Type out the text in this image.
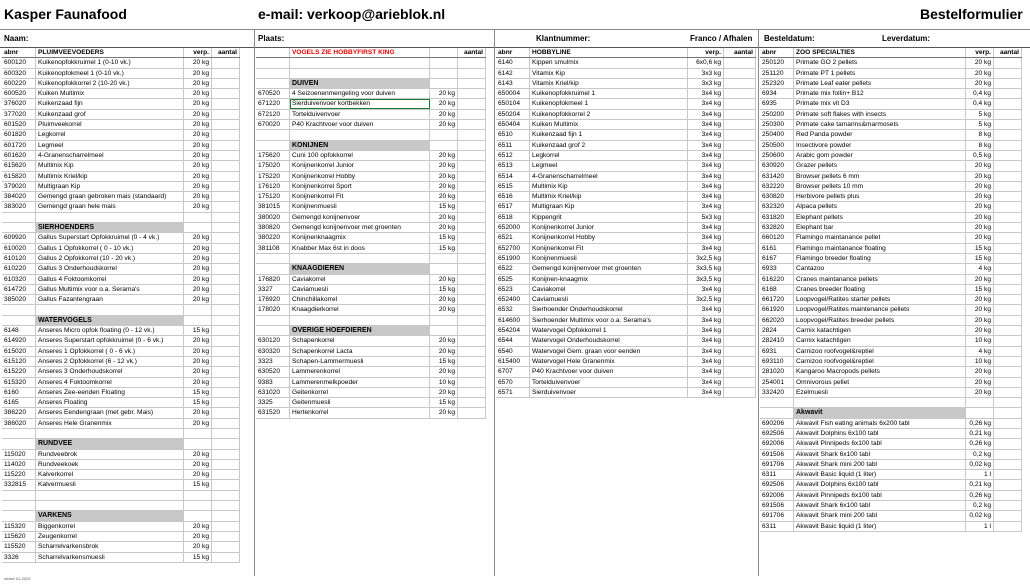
Kasper Faunafood	e-mail: verkoop@arieblok.nl	Bestelformulier
Naam:	Plaats:	Klantnummer:	Franco / Afhalen Besteldatum:	Leverdatum:
abnr	PLUIMVEEVOEDERS	verp.	aantal
600120	Kuikenopfokkruimel 1 (0-10 vk.)	20 kg
600320	Kuikenopfokmeel 1 (0-10 vk.)	20 kg
600220	Kuikenopfokkorrel 2 (10-20 vk.)	20 kg
600520	Kuiken Multimix	20 kg
376020	Kuikenzaad fijn	20 kg
377020	Kuikenzaad grof	20 kg
601520	Pluimveekorrel	20 kg
601820	Legkorrel	20 kg
601720	Legmeel	20 kg
601620	4-Granenscharrelmeel	20 kg
615620	Multimix Kip	20 kg
615820	Multimix Kriel/kip	20 kg
379020	Multigraan Kip	20 kg
384020	Gemengd graan gebroken mais (standaard)	20 kg
383020	Gemengd graan hele mais	20 kg
SIERHOENDERS
609920	Gallus Superstart Opfokkruimel (0 - 4 vk.)	20 kg
610020	Gallus 1 Opfokkorrel ( 0 - 10 vk.)	20 kg
610120	Gallus 2 Opfokkorrel (10 - 20 vk.)	20 kg
610220	Gallus 3 Onderhoudskorrel	20 kg
610320	Gallus 4 Foktoomkorrel	20 kg
614720	Gallus Multimix voor o.a. Serama's	20 kg
385020	Gallus Fazantengraan	20 kg
WATERVOGELS
6148	Anseres Micro opfok floating (0 - 12 vk.)	15 kg
614920	Anseres Superstart opfokkruimel (0 - 6 vk.)	20 kg
615020	Anseres 1 Opfokkorrel ( 0 - 6 vk.)	20 kg
615120	Anseres 2 Opfokkorrel (6 - 12 vk.)	20 kg
615220	Anseres 3 Onderhoudskorrel	20 kg
615320	Anseres 4 Foktoomkorrel	20 kg
6160	Anseres Zee-eenden Floating	15 kg
6165	Anseres Floating	15 kg
386220	Anseres Eendengraan (met gebr. Mais)	20 kg
386020	Anseres Hele Granenmix	20 kg
RUNDVEE
115020	Rundveebrok	20 kg
114020	Rundveekoek	20 kg
115220	Kalverkorrel	20 kg
332815	Kalvermuesli	15 kg
VARKENS
115320	Biggenkorrel	20 kg
115620	Zeugenkorrel	20 kg
115520	Scharrelvarkensbrok	20 kg
3326	Scharrelvarkensmuesli	15 kg
VOGELS ZIE HOBBYFIRST KING	aantal
DUIVEN
670520	4 Seizoenenmengeling voor duiven	20 kg
671220	Sierduivenvoer kortbekken	20 kg
672120	Tortelduivenvoer	20 kg
670020	P40 Krachtvoer voor duiven	20 kg
KONIJNEN
175620	Cuni 100 opfokkorrel	20 kg
175020	Konijnenkorrel Junior	20 kg
175220	Konijnenkorrel Hobby	20 kg
176120	Konijnenkorrel Sport	20 kg
175120	Konijnenkorrel Fit	20 kg
381015	Konijnenmuesli	15 kg
380020	Gemengd konijnenvoer	20 kg
380820	Gemengd konijnenvoer met groenten	20 kg
380220	Konijnenknaagmix	15 kg
381108	Knabber Max 6st in doos	15 kg
KNAAGDIEREN
176820	Caviakorrel	20 kg
3327	Caviamuesli	15 kg
176920	Chinchillakorrel	20 kg
178020	Knaagdierkorrel	20 kg
OVERIGE HOEFDIEREN
630120	Schapenkorrel	20 kg
630320	Schapenkorrel Lacta	20 kg
3323	Schapen-Lammermuesli	15 kg
630520	Lammerenkorrel	20 kg
9383	Lammerenmelkpoeder	10 kg
631020	Geitenkorrel	20 kg
3325	Geitenmuesli	15 kg
631520	Hertenkorrel	20 kg
abnr	HOBBYLINE	verp.	aantal
6140	Kippen smulmix	6x0,6 kg
6142	Vitamix Kip	3x3 kg
6143	Vitamix Kriel/kip	3x3 kg
650004	Kuikenopfokkruimel 1	3x4 kg
650104	Kuikenopfokmeel 1	3x4 kg
650204	Kuikenopfokkorrel 2	3x4 kg
650404	Kuiken Multimix	3x4 kg
6510	Kuikenzaad fijn 1	3x4 kg
6511	Kuikenzaad grof 2	3x4 kg
6512	Legkorrel	3x4 kg
6513	Legmeel	3x4 kg
6514	4-Granenscharrelmeel	3x4 kg
6515	Multimix Kip	3x4 kg
6516	Multimix Kriel/kip	3x4 kg
6517	Multigraan Kip	3x4 kg
6518	Kippengrit	5x3 kg
652000	Konijnenkorrel Junior	3x4 kg
6521	Konijnenkorrel Hobby	3x4 kg
652700	Konijnenkorrel Fit	3x4 kg
651900	Konijnenmuesli	3x2,5 kg
6522	Gemengd konijnenvoer met groenten	3x3,5 kg
6525	Konijnen-knaagmix	3x3,5 kg
6523	Caviakorrel	3x4 kg
652400	Caviamuesli	3x2,5 kg
6532	Sierhoender Onderhoudskorrel	3x4 kg
614600	Sierhoender Multimix voor o.a. Serama's	3x4 kg
654204	Watervogel Opfokkorrel 1	3x4 kg
6544	Watervogel Onderhoudskorrel	3x4 kg
6540	Watervogel Gem. graan voor eenden	3x4 kg
615400	Watervogel Hele Granenmix	3x4 kg
6707	P40 Krachtvoer voor duiven	3x4 kg
6570	Tortelduivenvoer	3x4 kg
6571	Sierduivenvoer	3x4 kg
abnr	ZOO SPECIALTIES	verp.	aantal
250120	Primate GO 2 pellets	20 kg
251120	Primate PT 1 pellets	20 kg
252320	Primate Leaf eater pellets	20 kg
6934	Primate mix follin+ B12	0,4 kg
6935	Primate mix vit D3	0,4 kg
250200	Primate soft flakes with insects	5 kg
250300	Primate cake tamarins&marmosets	5 kg
250400	Red Panda powder	8 kg
250500	Insectivore powder	8 kg
250600	Arabic gom powder	0,5 kg
630920	Grazer pellets	20 kg
631420	Browser pellets 6 mm	20 kg
632220	Browser pellets 10 mm	20 kg
630820	Herbivore pellets plus	20 kg
632320	Alpaca pellets	20 kg
631820	Elephant pellets	20 kg
632820	Elephant bar	20 kg
660120	Flamingo maintanance pellet	20 kg
6161	Flamingo maintanance floating	15 kg
6167	Flamingo breeder floating	15 kg
6933	Cantazoo	4 kg
616220	Cranes maintanance pellets	20 kg
6168	Cranes breeder floating	15 kg
661720	Loopvogel/Ratites starter pellets	20 kg
661920	Loopvogel/Ratites maintenance pellets	20 kg
662020	Loopvogel/Ratites breeder pellets	20 kg
2824	Carnix katachtigen	20 kg
282410	Carnix katachtigen	10 kg
6931	Carnizoo roofvogel&reptiel	4 kg
693110	Carnizoo roofvogel&reptiel	10 kg
281020	Kangaroo Macropods pellets	20 kg
254001	Omnivorous pellet	20 kg
332420	Ezelmuesli	20 kg
Akwavit
690206	Akwavit Fish eating animals 6x200 tabl	0,26 kg
692506	Akwavit Dolphins 6x100 tabl	0,21 kg
692006	Akwavit Pinnipeds 6x100 tabl	0,26 kg
691506	Akwavit Shark 6x100 tabl	0,2 kg
691706	Akwavit Shark mini 200 tabl	0,02 kg
6311	Akwavit Basic liquid (1 liter)	1 l
692506	Akwavit Dolphins 6x100 tabl	0,21 kg
692006	Akwavit Pinnipeds 6x100 tabl	0,26 kg
691506	Akwavit Shark 6x100 tabl	0,2 kg
691706	Akwavit Shark mini 200 tabl	0,02 kg
6311	Akwavit Basic liquid (1 liter)	1 l
versie 01-2023
